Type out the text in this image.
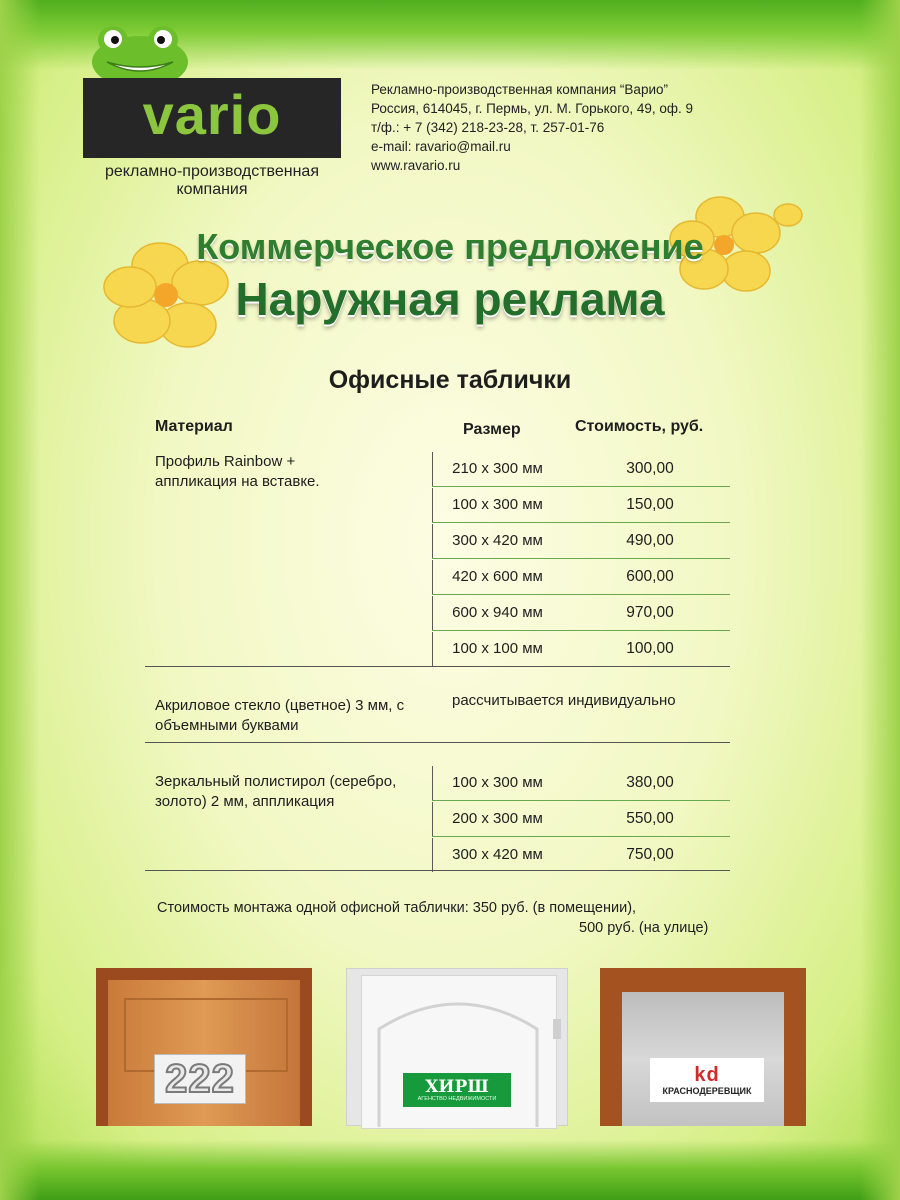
vario
рекламно-производственная компания
Рекламно-производственная компания “Варио”
Россия, 614045, г. Пермь, ул. М. Горького, 49, оф. 9
т/ф.: + 7 (342) 218-23-28, т. 257-01-76
e-mail: ravario@mail.ru
www.ravario.ru
Коммерческое предложение
Наружная реклама
Офисные таблички
Материал	Размер	Стоимость, руб.
Профиль Rainbow + аппликация на вставке.
210 х 300 мм	300,00
100 х 300 мм	150,00
300 х 420 мм	490,00
420 х 600 мм	600,00
600 х 940 мм	970,00
100 х 100 мм	100,00
Акриловое стекло (цветное) 3 мм, с объемными буквами
рассчитывается индивидуально
Зеркальный полистирол (серебро, золото) 2 мм, аппликация
100 х 300 мм	380,00
200 х 300 мм	550,00
300 х 420 мм	750,00
Стоимость монтажа одной офисной таблички: 350 руб. (в помещении),
500 руб. (на улице)
222	ХИРШ
АГЕНСТВО НЕДВИЖИМОСТИ
kd
КРАСНОДЕРЕВЩИК
